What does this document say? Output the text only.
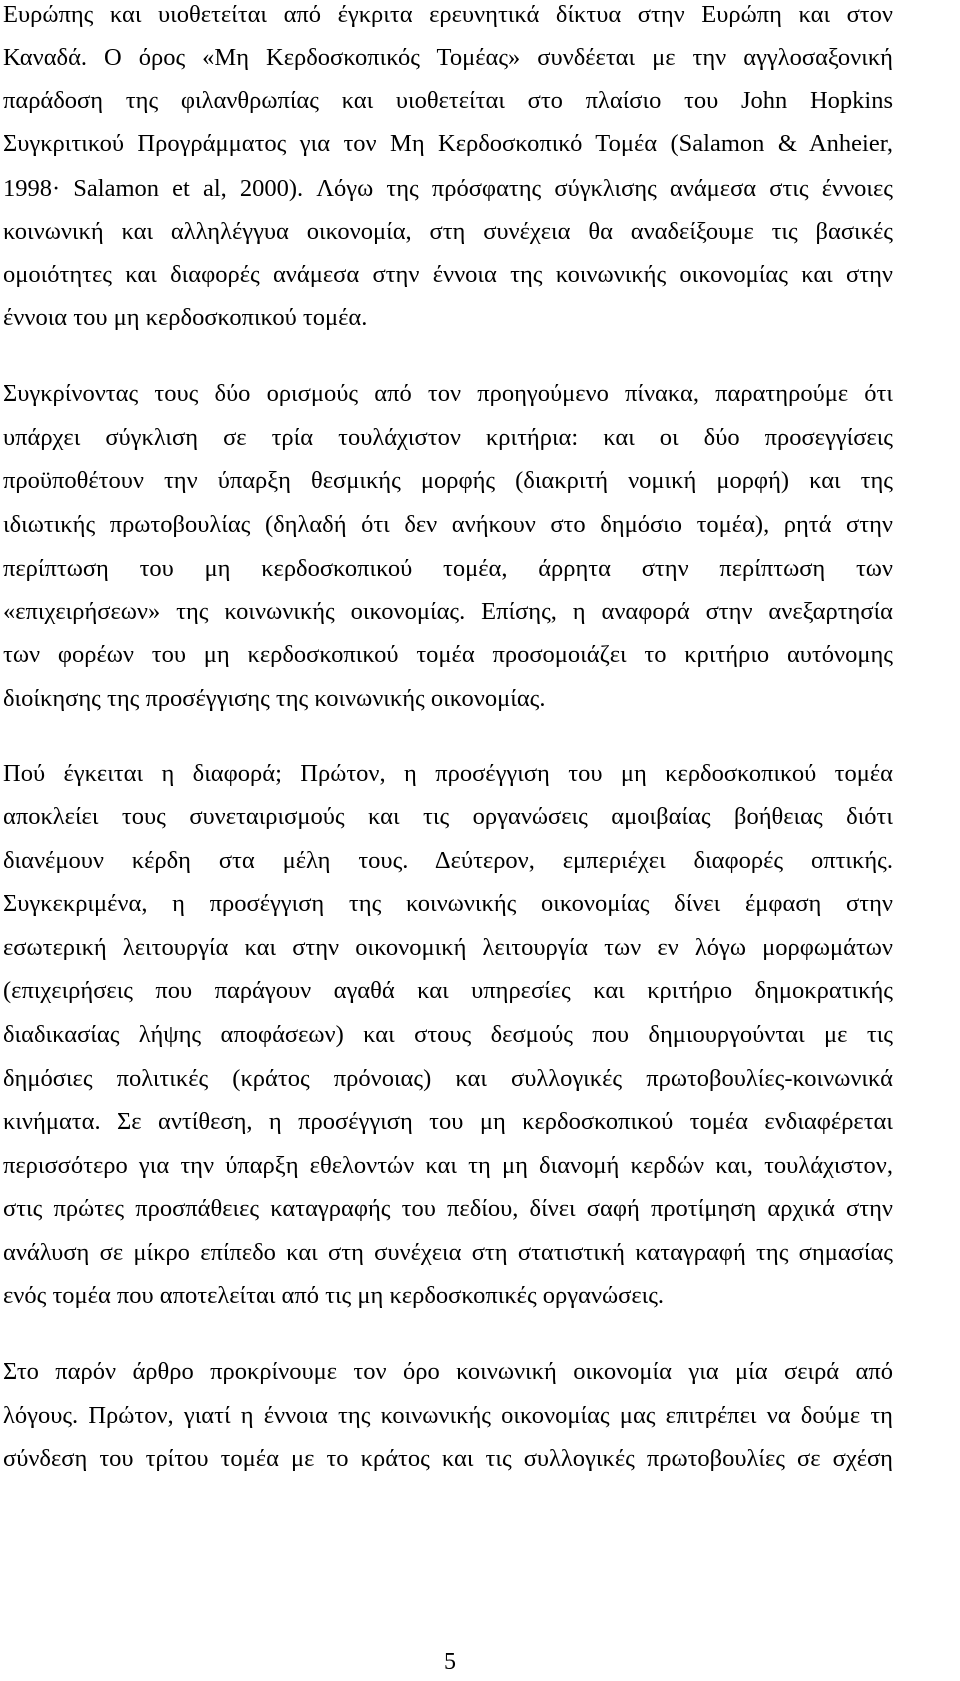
Ευρώπης και υιοθετείται από έγκριτα ερευνητικά δίκτυα στην Ευρώπη και στον

Καναδά. Ο όρος «Μη Κερδοσκοπικός Τομέας» συνδέεται με την αγγλοσαξονική

παράδοση της φιλανθρωπίας και υιοθετείται στο πλαίσιο του John Hopkins

Συγκριτικού Προγράμματος για τον Μη Κερδοσκοπικό Τομέα (Salamon & Anheier,

1998· Salamon et al, 2000). Λόγω της πρόσφατης σύγκλισης ανάμεσα στις έννοιες

κοινωνική και αλληλέγγυα οικονομία, στη συνέχεια θα αναδείξουμε τις βασικές

ομοιότητες και διαφορές ανάμεσα στην έννοια της κοινωνικής οικονομίας και στην

έννοια του μη κερδοσκοπικού τομέα.

Συγκρίνοντας τους δύο ορισμούς από τον προηγούμενο πίνακα, παρατηρούμε ότι

υπάρχει σύγκλιση σε τρία τουλάχιστον κριτήρια: και οι δύο προσεγγίσεις

προϋποθέτουν την ύπαρξη θεσμικής μορφής (διακριτή νομική μορφή) και της

ιδιωτικής πρωτοβουλίας (δηλαδή ότι δεν ανήκουν στο δημόσιο τομέα), ρητά στην

περίπτωση του μη κερδοσκοπικού τομέα, άρρητα στην περίπτωση των

«επιχειρήσεων» της κοινωνικής οικονομίας. Επίσης, η αναφορά στην ανεξαρτησία

των φορέων του μη κερδοσκοπικού τομέα προσομοιάζει το κριτήριο αυτόνομης

διοίκησης της προσέγγισης της κοινωνικής οικονομίας.

Πού έγκειται η διαφορά; Πρώτον, η προσέγγιση του μη κερδοσκοπικού τομέα

αποκλείει τους συνεταιρισμούς και τις οργανώσεις αμοιβαίας βοήθειας διότι

διανέμουν κέρδη στα μέλη τους. Δεύτερον, εμπεριέχει διαφορές οπτικής.

Συγκεκριμένα, η προσέγγιση της κοινωνικής οικονομίας δίνει έμφαση στην

εσωτερική λειτουργία και στην οικονομική λειτουργία των εν λόγω μορφωμάτων

(επιχειρήσεις που παράγουν αγαθά και υπηρεσίες και κριτήριο δημοκρατικής

διαδικασίας λήψης αποφάσεων) και στους δεσμούς που δημιουργούνται με τις

δημόσιες πολιτικές (κράτος πρόνοιας) και συλλογικές πρωτοβουλίες-κοινωνικά

κινήματα. Σε αντίθεση, η προσέγγιση του μη κερδοσκοπικού τομέα ενδιαφέρεται

περισσότερο για την ύπαρξη εθελοντών και τη μη διανομή κερδών και, τουλάχιστον,

στις πρώτες προσπάθειες καταγραφής του πεδίου, δίνει σαφή προτίμηση αρχικά στην

ανάλυση σε μίκρο επίπεδο και στη συνέχεια στη στατιστική καταγραφή της σημασίας

ενός τομέα που αποτελείται από τις μη κερδοσκοπικές οργανώσεις.

Στο παρόν άρθρο προκρίνουμε τον όρο κοινωνική οικονομία για μία σειρά από

λόγους. Πρώτον, γιατί η έννοια της κοινωνικής οικονομίας μας επιτρέπει να δούμε τη

σύνδεση του τρίτου τομέα με το κράτος και τις συλλογικές πρωτοβουλίες σε σχέση

5
